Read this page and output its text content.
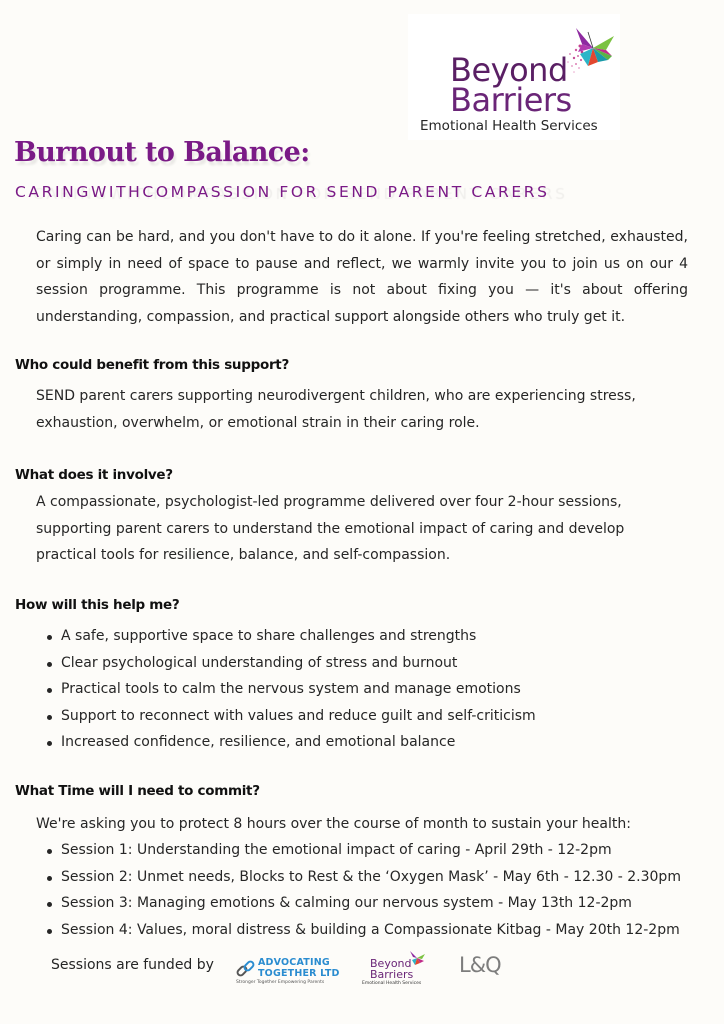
Beyond
Barriers
Emotional Health Services
Burnout to Balance:
CARINGWITHCOMPASSION FOR SEND PARENT CARERS

Caring can be hard, and you don't have to do it alone. If you're feeling stretched, exhausted, or simply in need of space to pause and reflect, we warmly invite you to join us on our 4 session programme. This programme is not about fixing you — it's about offering understanding, compassion, and practical support alongside others who truly get it.

Who could benefit from this support?
SEND parent carers supporting neurodivergent children, who are experiencing stress,
exhaustion, overwhelm, or emotional strain in their caring role.
What does it involve?
A compassionate, psychologist-led programme delivered over four 2-hour sessions,
supporting parent carers to understand the emotional impact of caring and develop
practical tools for resilience, balance, and self-compassion.
How will this help me?
A safe, supportive space to share challenges and strengths
Clear psychological understanding of stress and burnout
Practical tools to calm the nervous system and manage emotions
Support to reconnect with values and reduce guilt and self-criticism
Increased confidence, resilience, and emotional balance
What Time will I need to commit?

We're asking you to protect 8 hours over the course of month to sustain your health:

Session 1: Understanding the emotional impact of caring - April 29th - 12-2pm
Session 2: Unmet needs, Blocks to Rest & the ‘Oxygen Mask’ - May 6th - 12.30 - 2.30pm
Session 3: Managing emotions & calming our nervous system - May 13th 12-2pm
Session 4: Values, moral distress & building a Compassionate Kitbag - May 20th 12-2pm
Sessions are funded by	ADVOCATING
TOGETHER LTD
Stronger Together Empowering Parents
Beyond
Barriers
Emotional Health Services
L&Q
